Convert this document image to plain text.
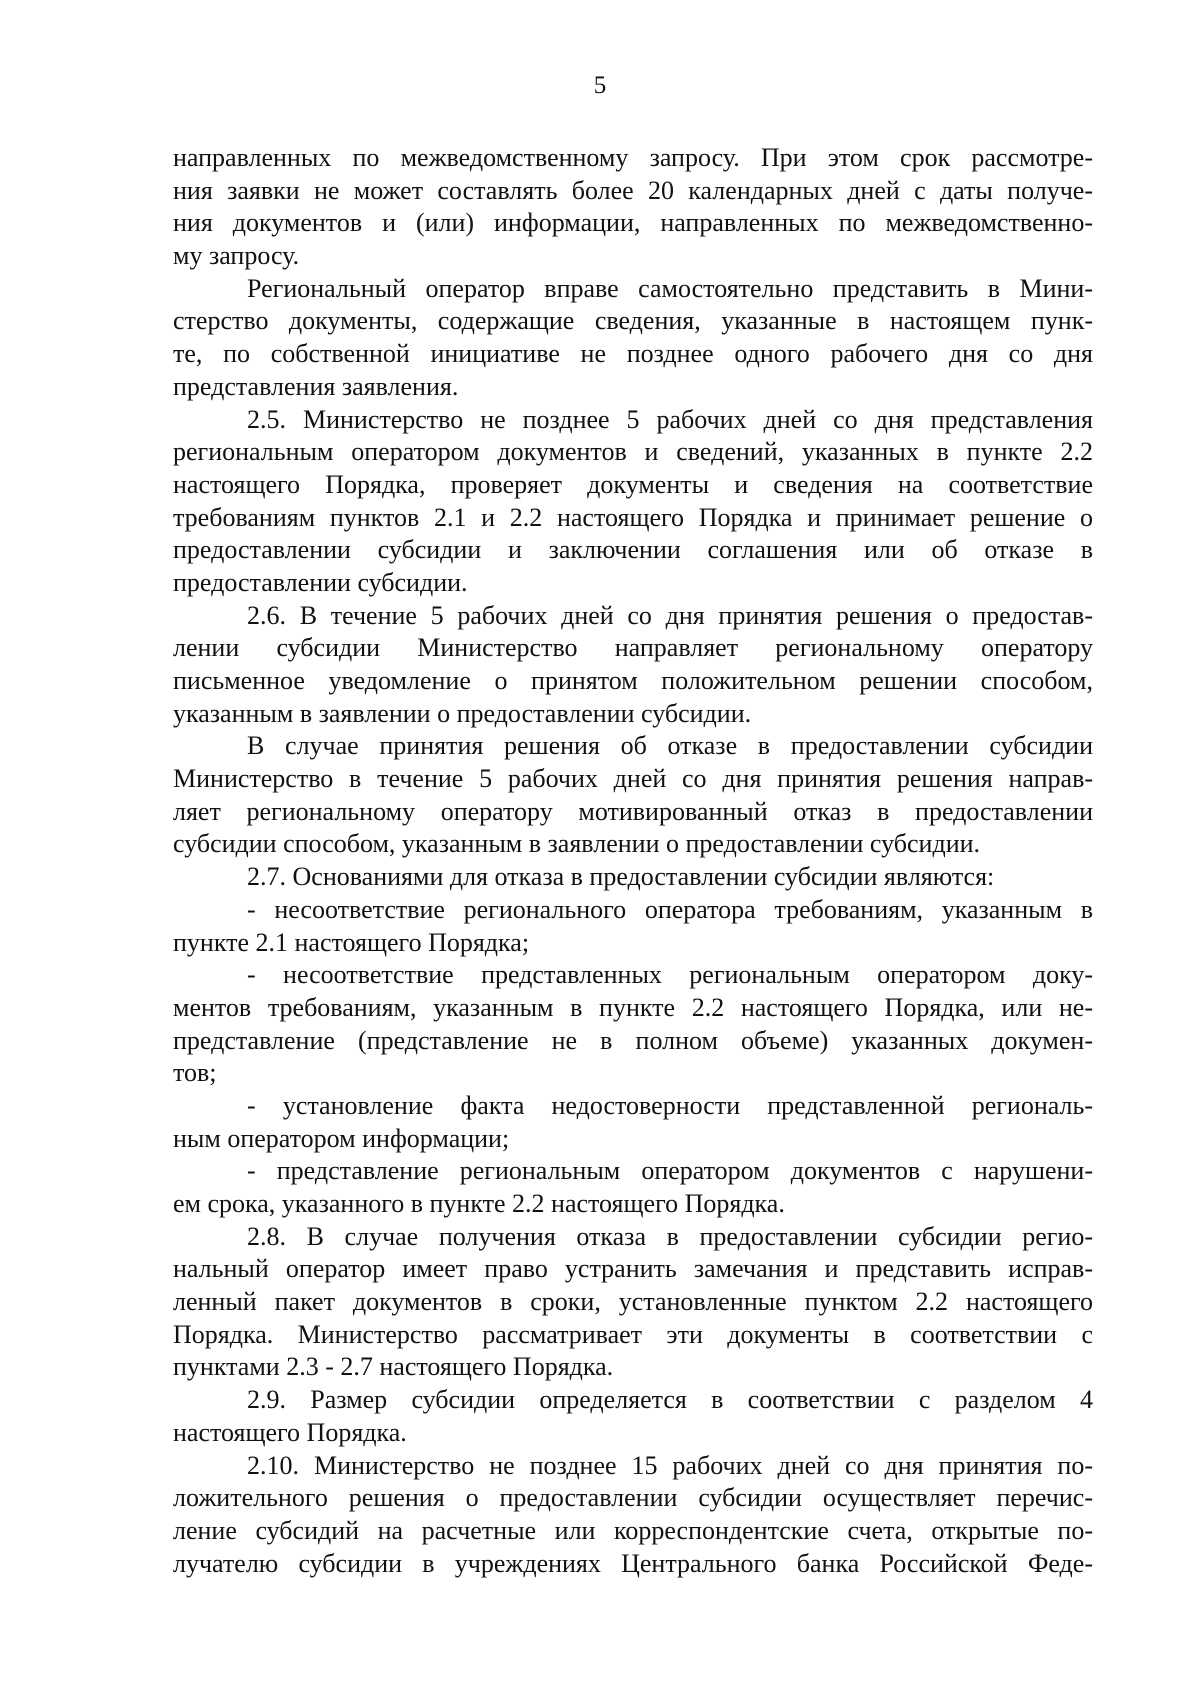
5
направленных по межведомственному запросу. При этом срок рассмотре-
ния заявки не может составлять более 20 календарных дней с даты получе-
ния документов и (или) информации, направленных по межведомственно-
му запросу.
Региональный оператор вправе самостоятельно представить в Мини-
стерство документы, содержащие сведения, указанные в настоящем пунк-
те, по собственной инициативе не позднее одного рабочего дня со дня
представления заявления.
2.5. Министерство не позднее 5 рабочих дней со дня представления
региональным оператором документов и сведений, указанных в пункте 2.2
настоящего Порядка, проверяет документы и сведения на соответствие
требованиям пунктов 2.1 и 2.2 настоящего Порядка и принимает решение о
предоставлении субсидии и заключении соглашения или об отказе в
предоставлении субсидии.
2.6. В течение 5 рабочих дней со дня принятия решения о предостав-
лении субсидии Министерство направляет региональному оператору
письменное уведомление о принятом положительном решении способом,
указанным в заявлении о предоставлении субсидии.
В случае принятия решения об отказе в предоставлении субсидии
Министерство в течение 5 рабочих дней со дня принятия решения направ-
ляет региональному оператору мотивированный отказ в предоставлении
субсидии способом, указанным в заявлении о предоставлении субсидии.
2.7. Основаниями для отказа в предоставлении субсидии являются:
- несоответствие регионального оператора требованиям, указанным в
пункте 2.1 настоящего Порядка;
- несоответствие представленных региональным оператором доку-
ментов требованиям, указанным в пункте 2.2 настоящего Порядка, или не-
представление (представление не в полном объеме) указанных докумен-
тов;
- установление факта недостоверности представленной региональ-
ным оператором информации;
- представление региональным оператором документов с нарушени-
ем срока, указанного в пункте 2.2 настоящего Порядка.
2.8. В случае получения отказа в предоставлении субсидии регио-
нальный оператор имеет право устранить замечания и представить исправ-
ленный пакет документов в сроки, установленные пунктом 2.2 настоящего
Порядка. Министерство рассматривает эти документы в соответствии с
пунктами 2.3 - 2.7 настоящего Порядка.
2.9. Размер субсидии определяется в соответствии с разделом 4
настоящего Порядка.
2.10. Министерство не позднее 15 рабочих дней со дня принятия по-
ложительного решения о предоставлении субсидии осуществляет перечис-
ление субсидий на расчетные или корреспондентские счета, открытые по-
лучателю субсидии в учреждениях Центрального банка Российской Феде-
